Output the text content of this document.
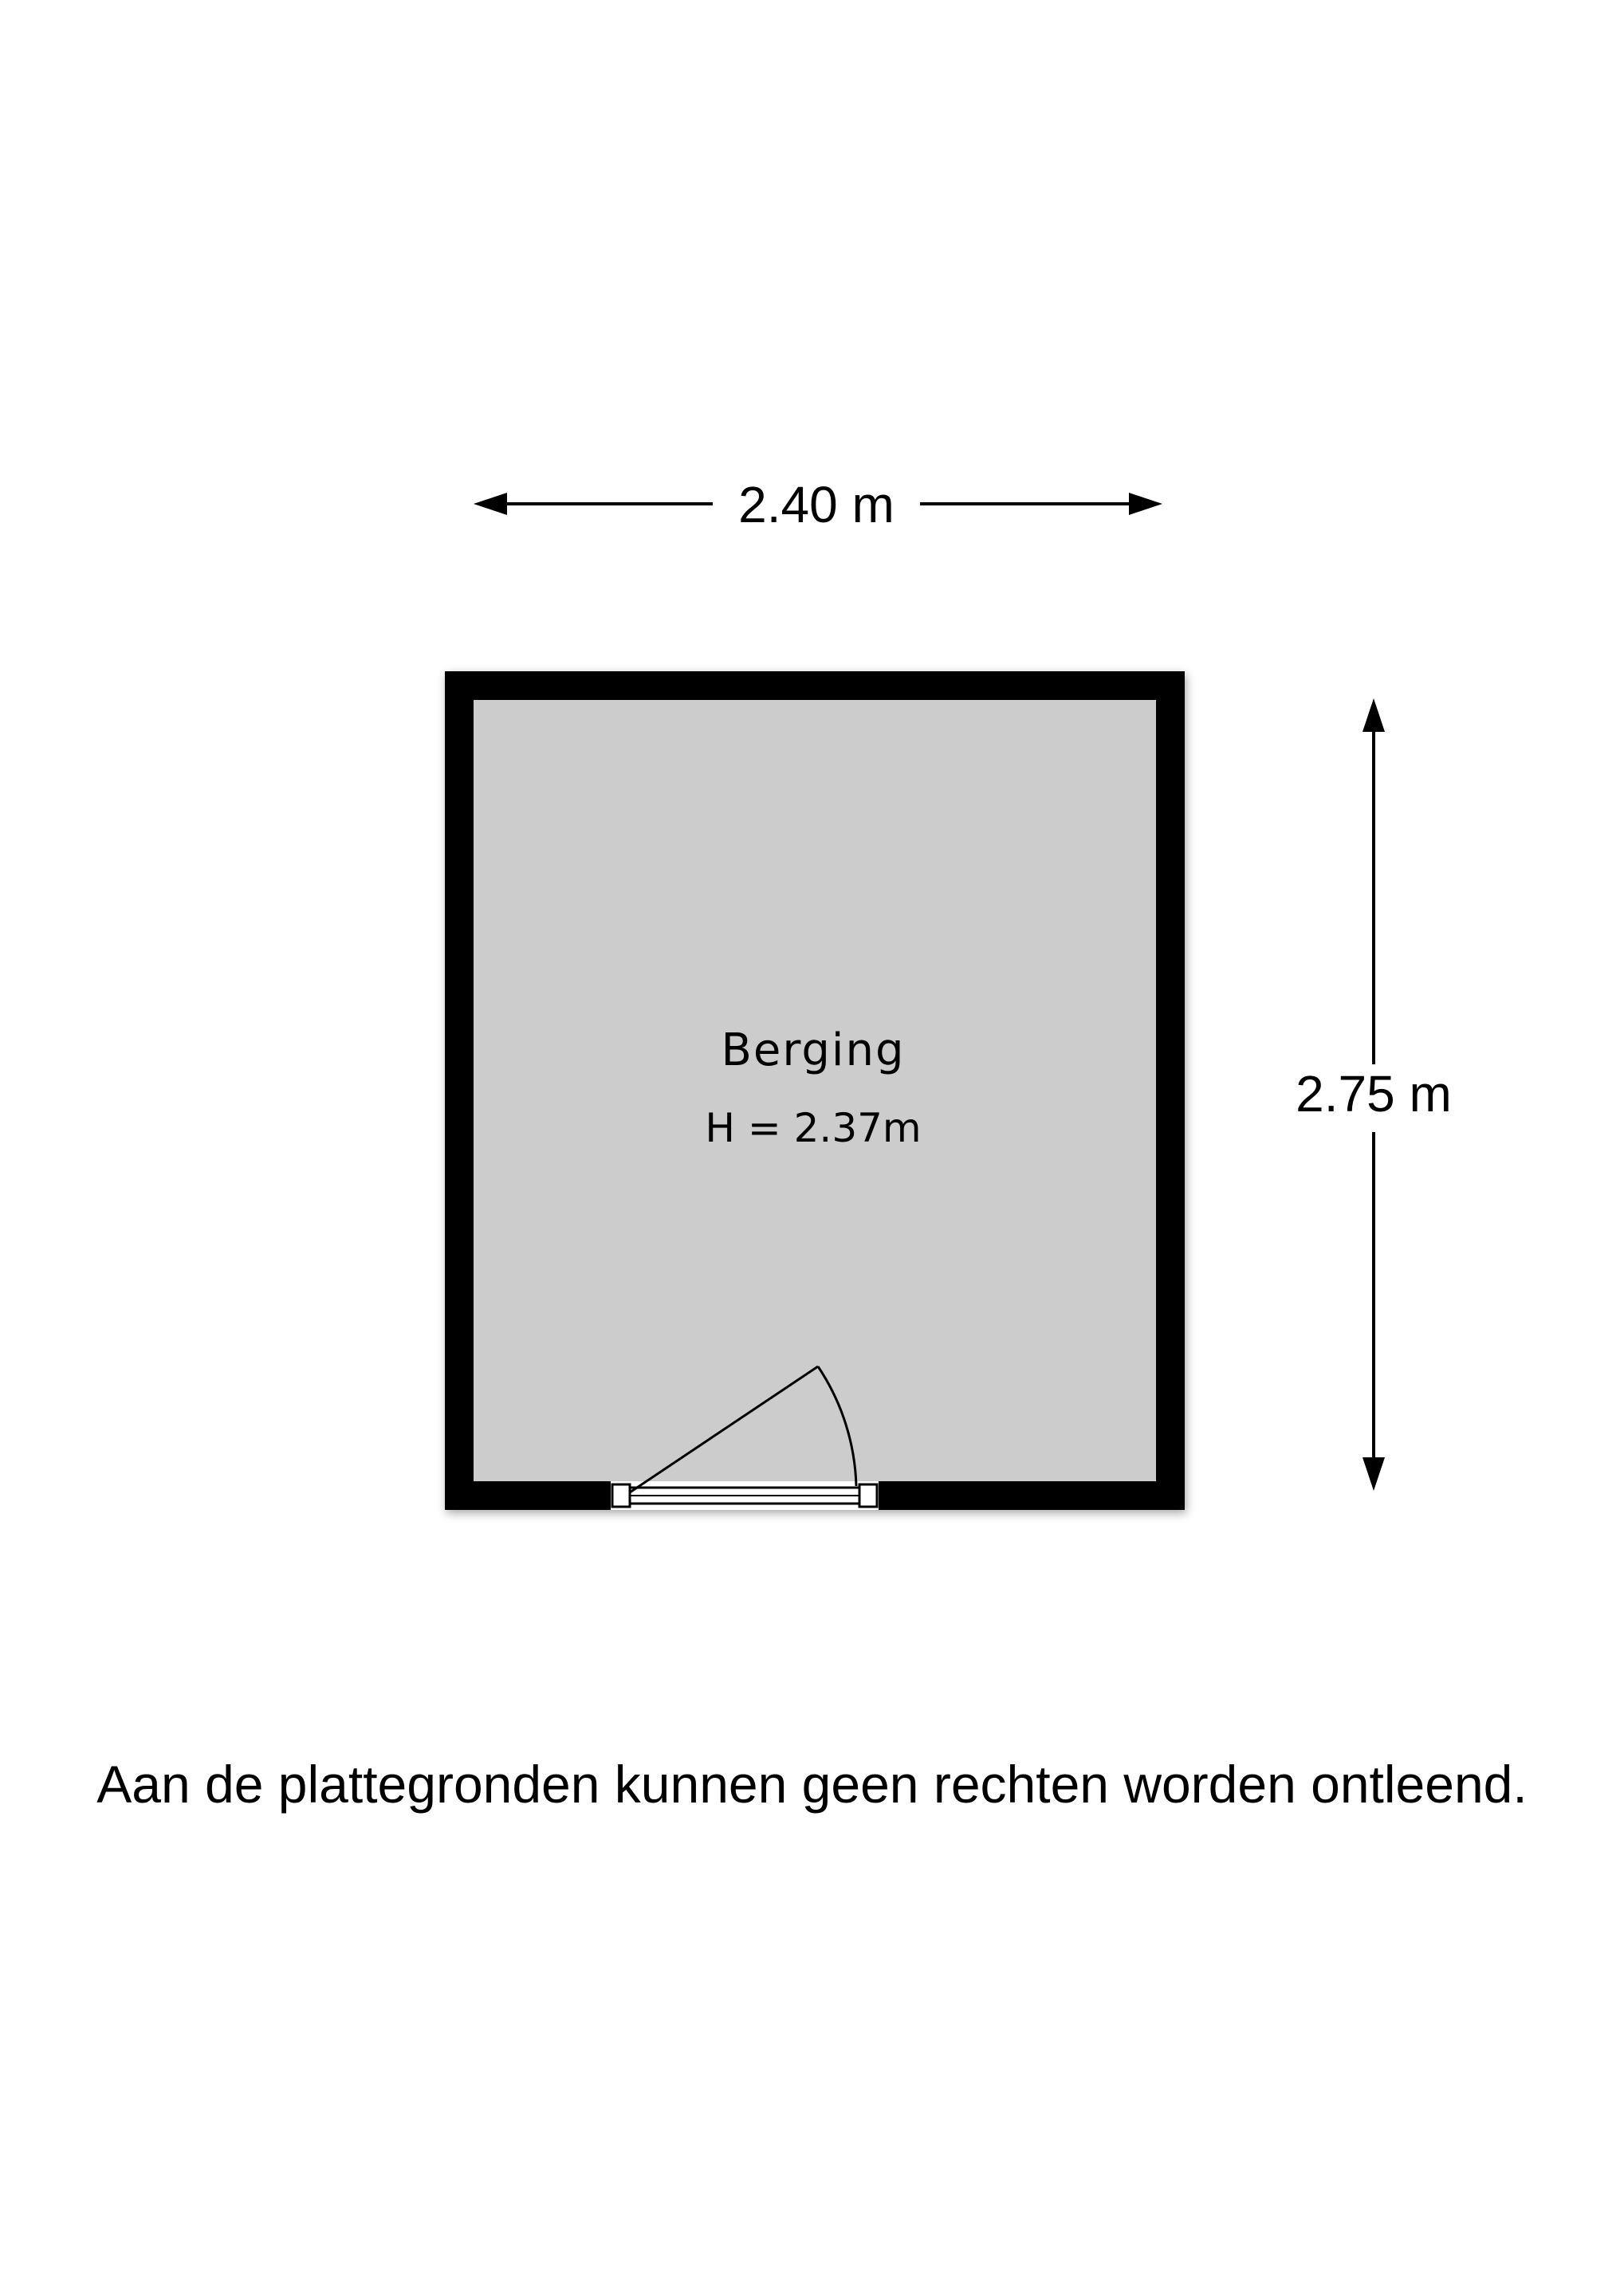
2.40 m
2.75 m
Berging
H = 2.37m
Aan de plattegronden kunnen geen rechten worden ontleend.
